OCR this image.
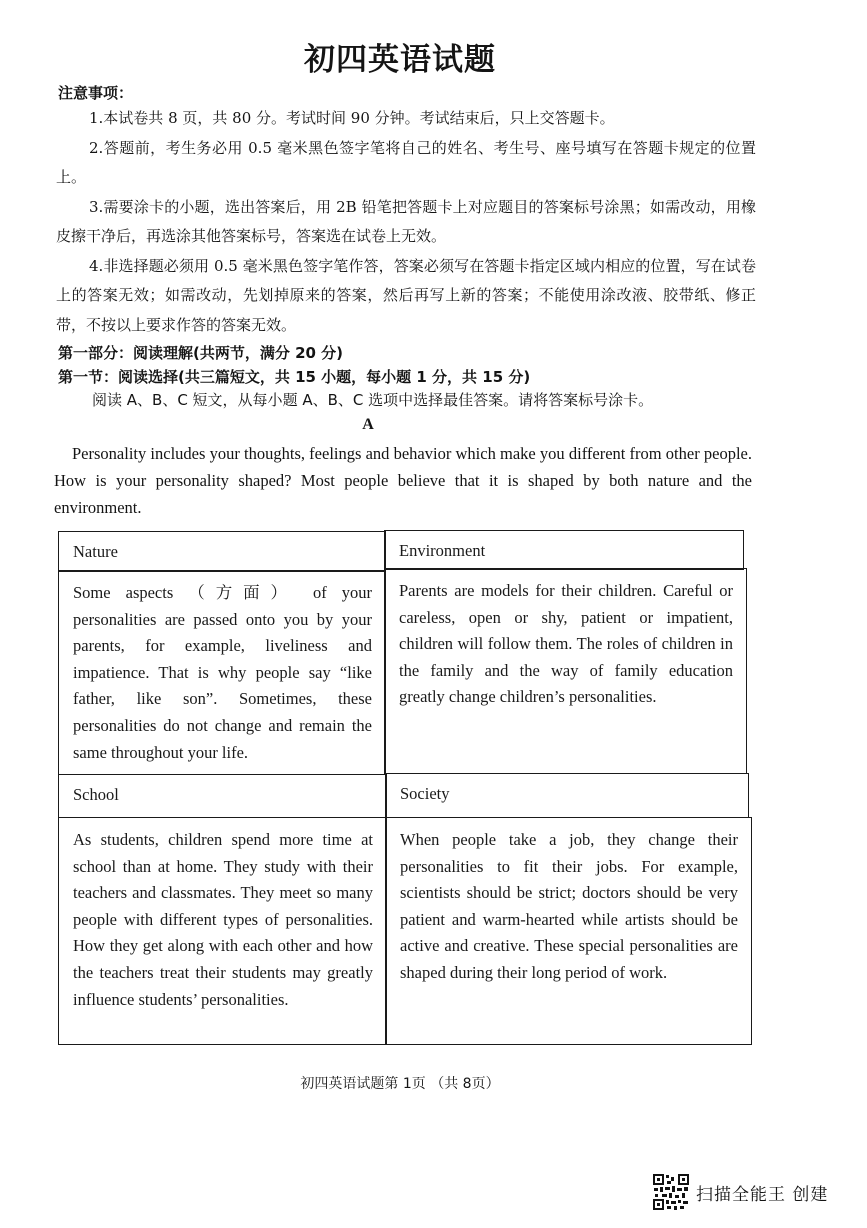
初四英语试题
注意事项：

1.本试卷共 8 页，共 80 分。考试时间 90 分钟。考试结束后，只上交答题卡。

2.答题前，考生务必用 0.5 毫米黑色签字笔将自己的姓名、考生号、座号填写在答题卡规定的位置上。

3.需要涂卡的小题，选出答案后，用 2B 铅笔把答题卡上对应题目的答案标号涂黑；如需改动，用橡皮擦干净后，再选涂其他答案标号，答案选在试卷上无效。

4.非选择题必须用 0.5 毫米黑色签字笔作答，答案必须写在答题卡指定区域内相应的位置，写在试卷上的答案无效；如需改动，先划掉原来的答案，然后再写上新的答案；不能使用涂改液、胶带纸、修正带，不按以上要求作答的答案无效。

第一部分：阅读理解(共两节，满分 20 分)
第一节：阅读选择(共三篇短文，共 15 小题，每小题 1 分，共 15 分)
阅读 A、B、C 短文，从每小题 A、B、C 选项中选择最佳答案。请将答案标号涂卡。
A

Personality includes your thoughts, feelings and behavior which make you different from other people. How is your personality shaped? Most people believe that it is shaped by both nature and the environment.

Nature	Environment
Some aspects （方面） of your personalities are passed onto you by your parents, for example, liveliness and impatience. That is why people say “like father, like son”. Sometimes, these personalities do not change and remain the same throughout your life.
Parents are models for their children. Careful or careless, open or shy, patient or impatient, children will follow them. The roles of children in the family and the way of family education greatly change children’s personalities.
School	Society
As students, children spend more time at school than at home. They study with their teachers and classmates. They meet so many people with different types of personalities. How they get along with each other and how the teachers treat their students may greatly influence students’ personalities.
When people take a job, they change their personalities to fit their jobs. For example, scientists should be strict; doctors should be very patient and warm-hearted while artists should be active and creative. These special personalities are shaped during their long period of work.
初四英语试题第 1页 （共 8页）
扫描全能王 创建
